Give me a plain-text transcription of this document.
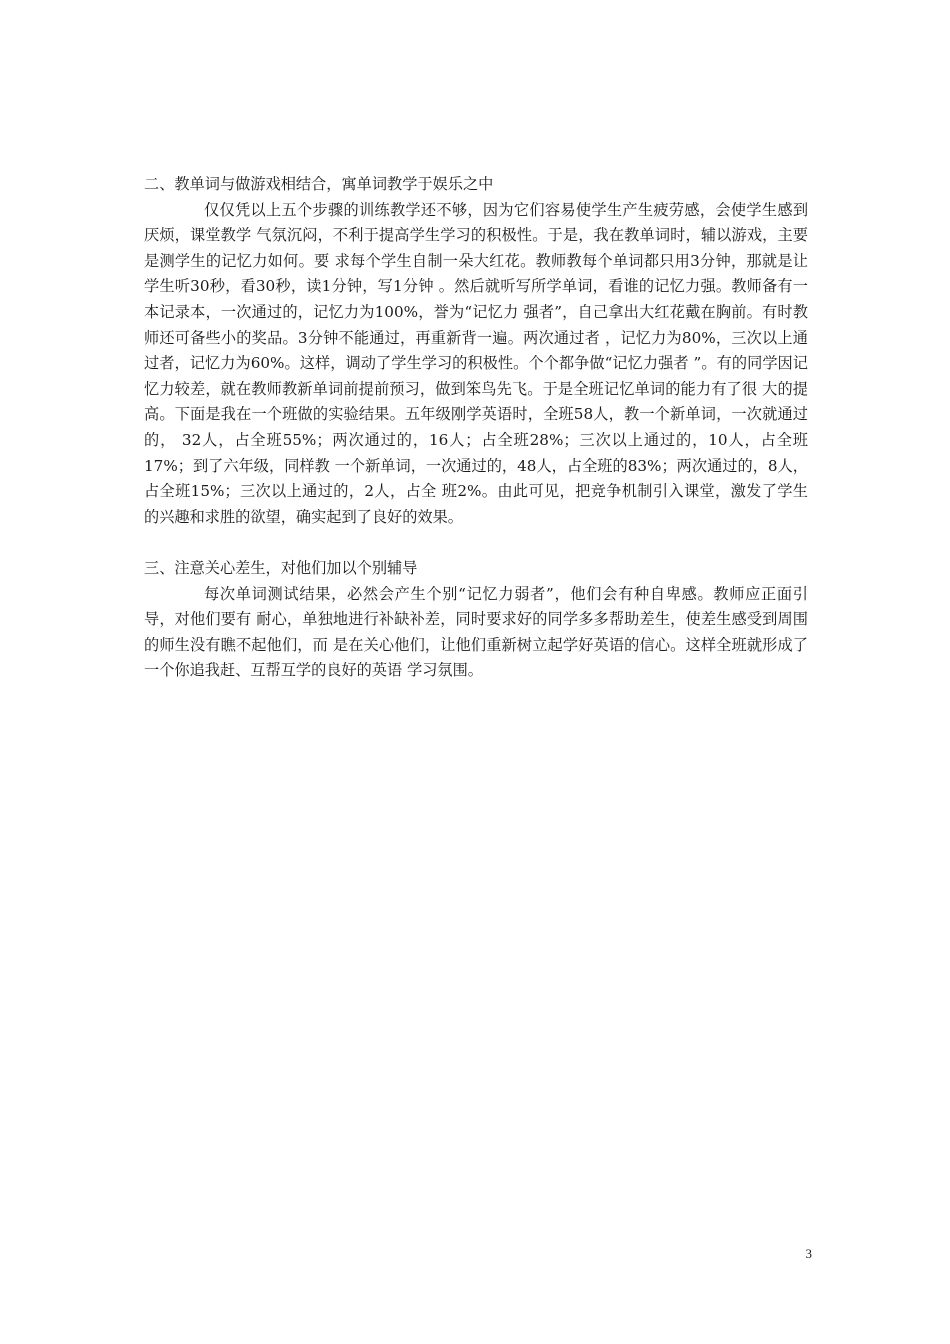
二、教单词与做游戏相结合，寓单词教学于娱乐之中

仅仅凭以上五个步骤的训练教学还不够，因为它们容易使学生产生疲劳感，会使学生感到厌烦，课堂教学 气氛沉闷，不利于提高学生学习的积极性。于是，我在教单词时，辅以游戏，主要是测学生的记忆力如何。要 求每个学生自制一朵大红花。教师教每个单词都只用3分钟，那就是让学生听30秒，看30秒，读1分钟，写1分钟 。然后就听写所学单词，看谁的记忆力强。教师备有一本记录本，一次通过的，记忆力为100%，誉为“记忆力 强者”，自己拿出大红花戴在胸前。有时教师还可备些小的奖品。3分钟不能通过，再重新背一遍。两次通过者 ，记忆力为80%，三次以上通过者，记忆力为60%。这样，调动了学生学习的积极性。个个都争做“记忆力强者 ”。有的同学因记忆力较差，就在教师教新单词前提前预习，做到笨鸟先飞。于是全班记忆单词的能力有了很 大的提高。下面是我在一个班做的实验结果。五年级刚学英语时，全班58人，教一个新单词，一次就通过的， 32人，占全班55%；两次通过的，16人；占全班28%；三次以上通过的，10人，占全班17%；到了六年级，同样教 一个新单词，一次通过的，48人，占全班的83%；两次通过的，8人，占全班15%；三次以上通过的，2人，占全 班2%。由此可见，把竞争机制引入课堂，激发了学生的兴趣和求胜的欲望，确实起到了良好的效果。

三、注意关心差生，对他们加以个别辅导

每次单词测试结果，必然会产生个别“记忆力弱者”，他们会有种自卑感。教师应正面引导，对他们要有 耐心，单独地进行补缺补差，同时要求好的同学多多帮助差生，使差生感受到周围的师生没有瞧不起他们，而 是在关心他们，让他们重新树立起学好英语的信心。这样全班就形成了一个你追我赶、互帮互学的良好的英语 学习氛围。

3
